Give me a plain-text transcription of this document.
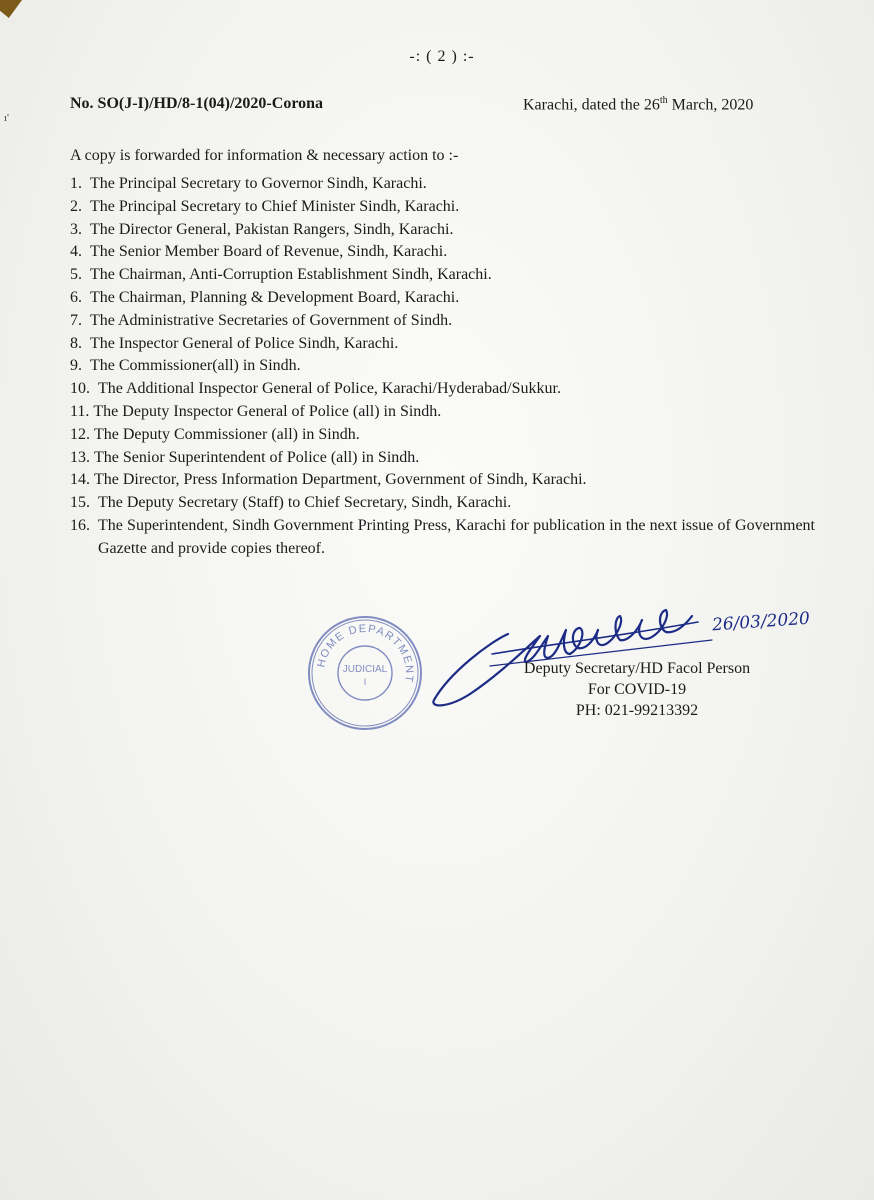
ı'
-: ( 2 ) :-
No. SO(J-I)/HD/8-1(04)/2020-Corona	Karachi, dated the 26th March, 2020
A copy is forwarded for information & necessary action to :-
1. The Principal Secretary to Governor Sindh, Karachi.
2. The Principal Secretary to Chief Minister Sindh, Karachi.
3. The Director General, Pakistan Rangers, Sindh, Karachi.
4. The Senior Member Board of Revenue, Sindh, Karachi.
5. The Chairman, Anti-Corruption Establishment Sindh, Karachi.
6. The Chairman, Planning & Development Board, Karachi.
7. The Administrative Secretaries of Government of Sindh.
8. The Inspector General of Police Sindh, Karachi.
9. The Commissioner(all) in Sindh.
10. The Additional Inspector General of Police, Karachi/Hyderabad/Sukkur.
11. The Deputy Inspector General of Police (all) in Sindh.
12. The Deputy Commissioner (all) in Sindh.
13. The Senior Superintendent of Police (all) in Sindh.
14. The Director, Press Information Department, Government of Sindh, Karachi.
15. The Deputy Secretary (Staff) to Chief Secretary, Sindh, Karachi.
16. The Superintendent, Sindh Government Printing Press, Karachi for publication in the next issue of Government Gazette and provide copies thereof.
HOME DEPARTMENT
JUDICIAL
I
26/03/2020
Deputy Secretary/HD Facol Person
For COVID-19
PH: 021-99213392
